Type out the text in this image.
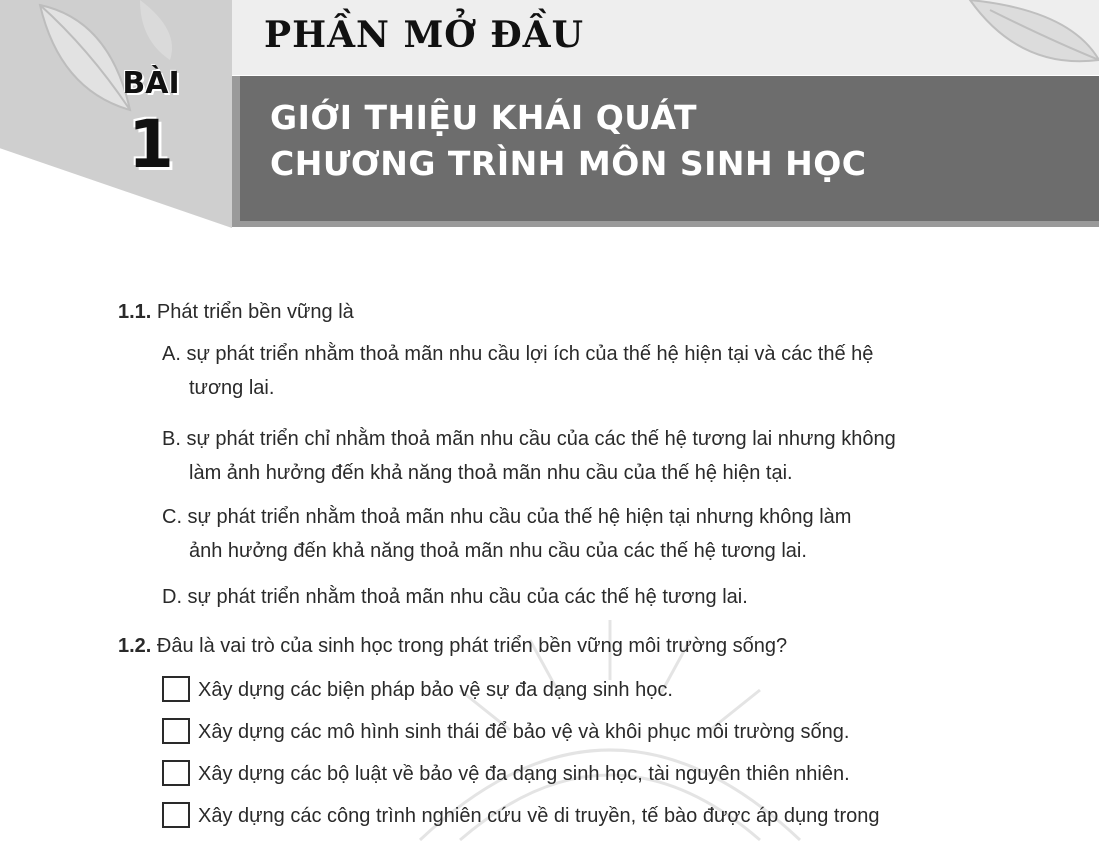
PHẦN MỞ ĐẦU
BÀI
1	GIỚI THIỆU KHÁI QUÁT
CHƯƠNG TRÌNH MÔN SINH HỌC
1.1. Phát triển bền vững là
A. sự phát triển nhằm thoả mãn nhu cầu lợi ích của thế hệ hiện tại và các thế hệ
tương lai.
B. sự phát triển chỉ nhằm thoả mãn nhu cầu của các thế hệ tương lai nhưng không
làm ảnh hưởng đến khả năng thoả mãn nhu cầu của thế hệ hiện tại.
C. sự phát triển nhằm thoả mãn nhu cầu của thế hệ hiện tại nhưng không làm
ảnh hưởng đến khả năng thoả mãn nhu cầu của các thế hệ tương lai.
D. sự phát triển nhằm thoả mãn nhu cầu của các thế hệ tương lai.
1.2. Đâu là vai trò của sinh học trong phát triển bền vững môi trường sống?
Xây dựng các biện pháp bảo vệ sự đa dạng sinh học.
Xây dựng các mô hình sinh thái để bảo vệ và khôi phục môi trường sống.
Xây dựng các bộ luật về bảo vệ đa dạng sinh học, tài nguyên thiên nhiên.
Xây dựng các công trình nghiên cứu về di truyền, tế bào được áp dụng trong
